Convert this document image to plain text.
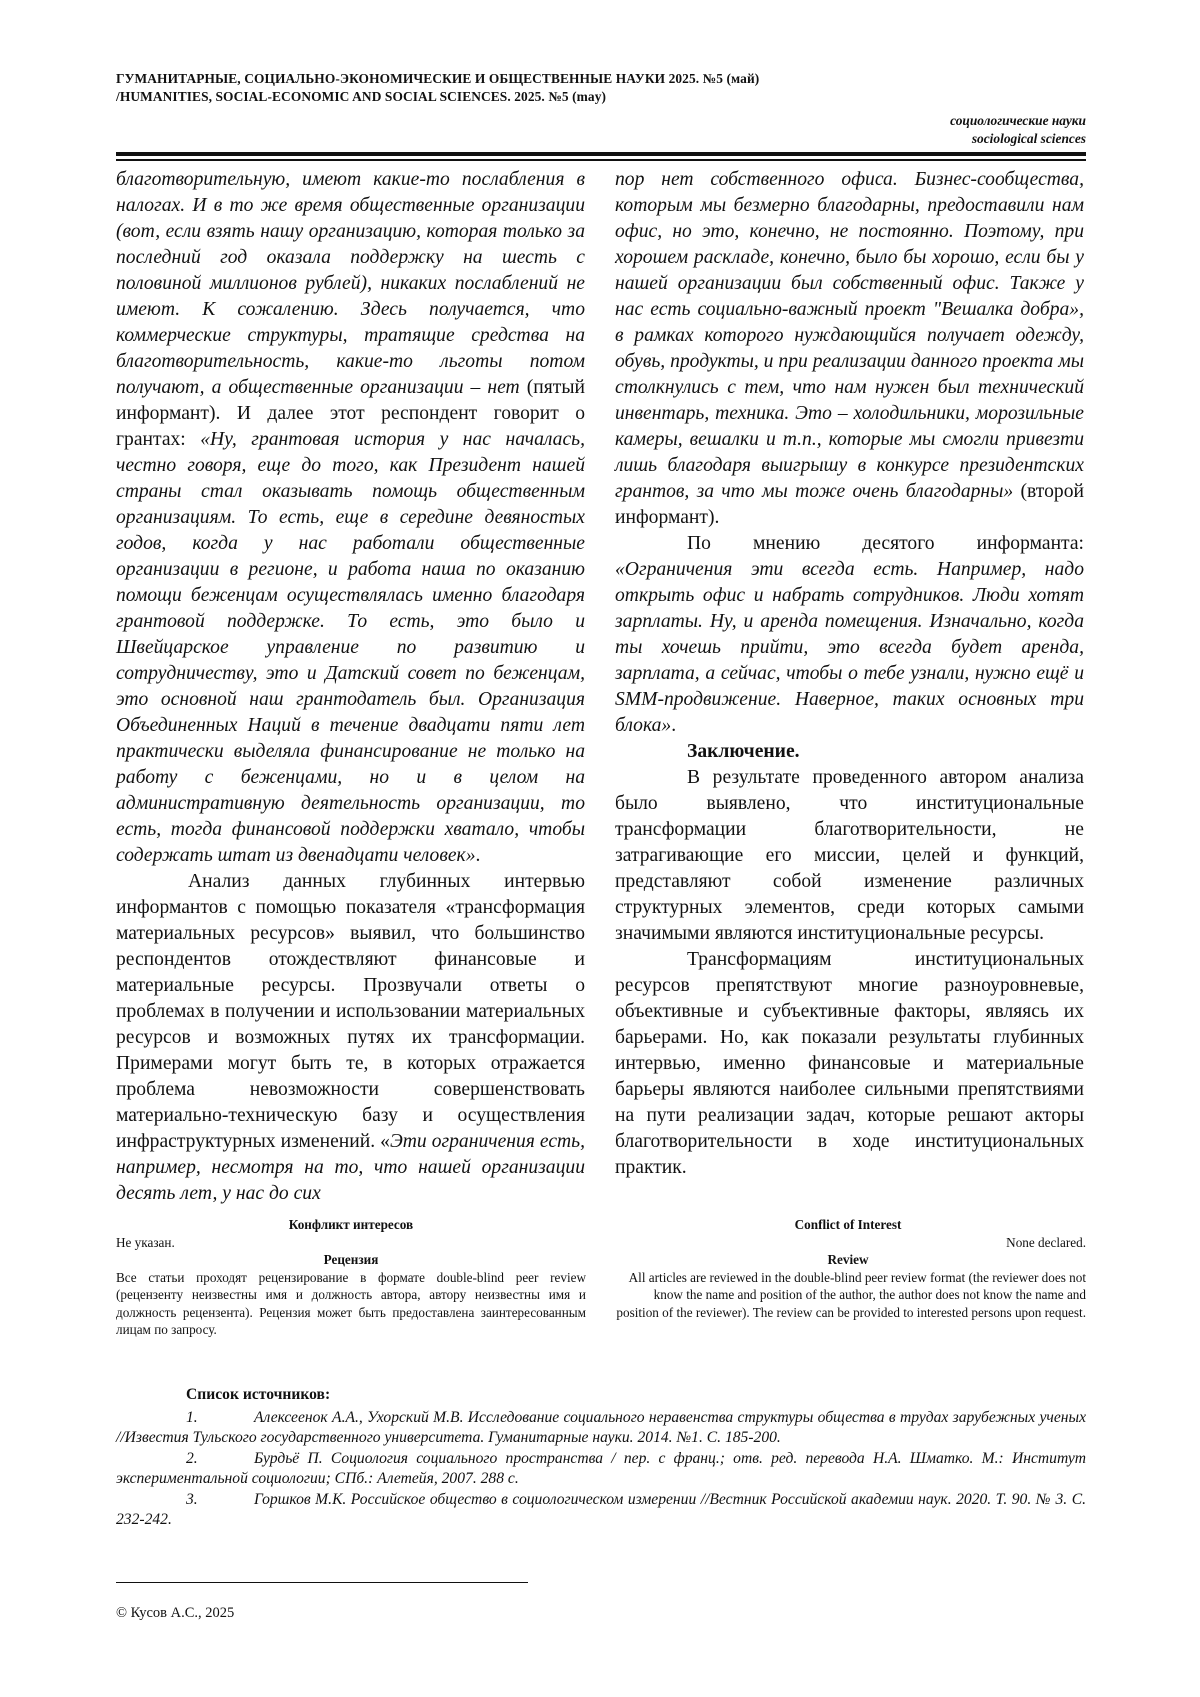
ГУМАНИТАРНЫЕ, СОЦИАЛЬНО-ЭКОНОМИЧЕСКИЕ И ОБЩЕСТВЕННЫЕ НАУКИ 2025. №5 (май)
/HUMANITIES, SOCIAL-ECONOMIC AND SOCIAL SCIENCES. 2025. №5 (may)
социологические науки
sociological sciences

благотворительную, имеют какие-то послабления в налогах. И в то же время общественные организации (вот, если взять нашу организацию, которая только за последний год оказала поддержку на шесть с половиной миллионов рублей), никаких послаблений не имеют. К сожалению. Здесь получается, что коммерческие структуры, тратящие средства на благотворительность, какие-то льготы потом получают, а общественные организации – нет (пятый информант). И далее этот респондент говорит о грантах: «Ну, грантовая история у нас началась, честно говоря, еще до того, как Президент нашей страны стал оказывать помощь общественным организациям. То есть, еще в середине девяностых годов, когда у нас работали общественные организации в регионе, и работа наша по оказанию помощи беженцам осуществлялась именно благодаря грантовой поддержке. То есть, это было и Швейцарское управление по развитию и сотрудничеству, это и Датский совет по беженцам, это основной наш грантодатель был. Организация Объединенных Наций в течение двадцати пяти лет практически выделяла финансирование не только на работу с беженцами, но и в целом на административную деятельность организации, то есть, тогда финансовой поддержки хватало, чтобы содержать штат из двенадцати человек».

Анализ данных глубинных интервью информантов с помощью показателя «трансформация материальных ресурсов» выявил, что большинство респондентов отождествляют финансовые и материальные ресурсы. Прозвучали ответы о проблемах в получении и использовании материальных ресурсов и возможных путях их трансформации. Примерами могут быть те, в которых отражается проблема невозможности совершенствовать материально-техническую базу и осуществления инфраструктурных изменений. «Эти ограничения есть, например, несмотря на то, что нашей организации десять лет, у нас до сих

пор нет собственного офиса. Бизнес-сообщества, которым мы безмерно благодарны, предоставили нам офис, но это, конечно, не постоянно. Поэтому, при хорошем раскладе, конечно, было бы хорошо, если бы у нашей организации был собственный офис. Также у нас есть социально-важный проект "Вешалка добра», в рамках которого нуждающийся получает одежду, обувь, продукты, и при реализации данного проекта мы столкнулись с тем, что нам нужен был технический инвентарь, техника. Это – холодильники, морозильные камеры, вешалки и т.п., которые мы смогли привезти лишь благодаря выигрышу в конкурсе президентских грантов, за что мы тоже очень благодарны» (второй информант).

По мнению десятого информанта: «Ограничения эти всегда есть. Например, надо открыть офис и набрать сотрудников. Люди хотят зарплаты. Ну, и аренда помещения. Изначально, когда ты хочешь прийти, это всегда будет аренда, зарплата, а сейчас, чтобы о тебе узнали, нужно ещё и SMM-продвижение. Наверное, таких основных три блока».

Заключение.

В результате проведенного автором анализа было выявлено, что институциональные трансформации благотворительности, не затрагивающие его миссии, целей и функций, представляют собой изменение различных структурных элементов, среди которых самыми значимыми являются институциональные ресурсы.

Трансформациям институциональных ресурсов препятствуют многие разноуровневые, объективные и субъективные факторы, являясь их барьерами. Но, как показали результаты глубинных интервью, именно финансовые и материальные барьеры являются наиболее сильными препятствиями на пути реализации задач, которые решают акторы благотворительности в ходе институциональных практик.

Конфликт интересов
Не указан.
Рецензия
Все статьи проходят рецензирование в формате double-blind peer review (рецензенту неизвестны имя и должность автора, автору неизвестны имя и должность рецензента). Рецензия может быть предоставлена заинтересованным лицам по запросу.
Conflict of Interest
None declared.
Review
All articles are reviewed in the double-blind peer review format (the reviewer does not know the name and position of the author, the author does not know the name and position of the reviewer). The review can be provided to interested persons upon request.
Список источников:
1.	Алексеенок А.А., Ухорский М.В. Исследование социального неравенства структуры общества в трудах зарубежных ученых //Известия Тульского государственного университета. Гуманитарные науки. 2014. №1. С. 185-200.
2.	Бурдьё П. Социология социального пространства / пер. с франц.; отв. ред. перевода Н.А. Шматко. М.: Институт экспериментальной социологии; СПб.: Алетейя, 2007. 288 с.
3.	Горшков М.К. Российское общество в социологическом измерении //Вестник Российской академии наук. 2020. Т. 90. № 3. С. 232-242.
© Кусов А.С., 2025
